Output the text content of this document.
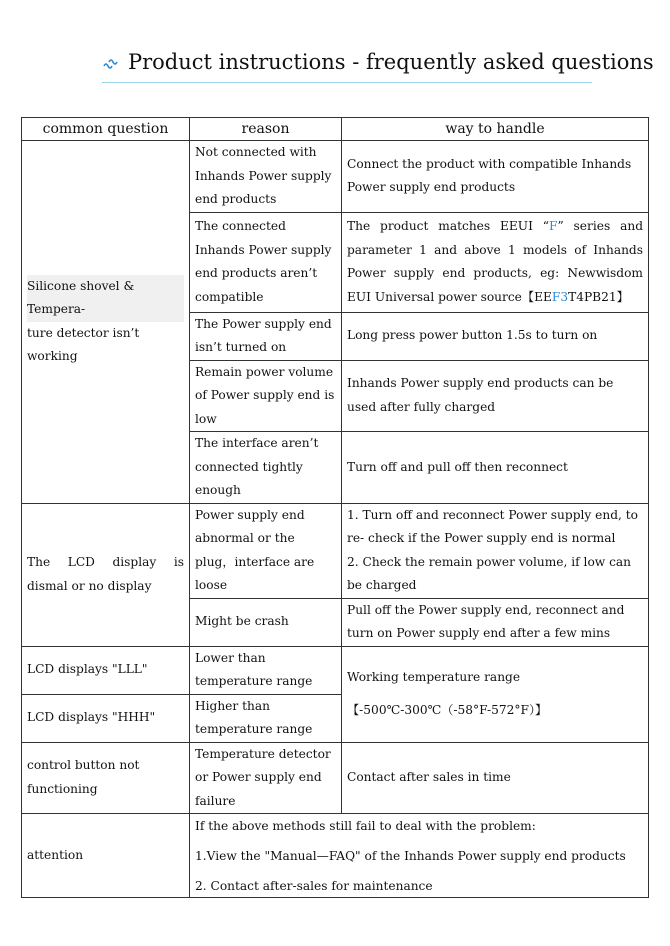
Product instructions - frequently asked questions
common question	reason	way to handle

Silicone shovel & Tempera-
ture detector isn’t working	Not connected with Inhands Power supply end products	Connect the product with compatible Inhands Power supply end products
	The connected Inhands Power supply end products aren’t compatible	The product matches EEUI “F” series and parameter 1 and above 1 models of Inhands Power supply end products, eg: Newwisdom EUI Universal power source【EEF3T4PB21】
	The Power supply end isn’t turned on	Long press power button 1.5s to turn on
	Remain power volume of Power supply end is low	Inhands Power supply end products can be used after fully charged
	The interface aren’t connected tightly enough	Turn off and pull off then reconnect
The LCD display is dismal or no display	Power supply end abnormal or the plug，interface are loose	1. Turn off and reconnect Power supply end, to re- check if the Power supply end is normal
2. Check the remain power volume, if low can be charged

	Might be crash	Pull off the Power supply end, reconnect and turn on Power supply end after a few mins
LCD displays "LLL"	Lower than temperature range	Working temperature range
【-500℃-300℃（-58°F-572°F）】

LCD displays "HHH"	Higher than temperature range	
control button not functioning	Temperature detector or Power supply end failure	Contact after sales in time
attention	If the above methods still fail to deal with the problem:
1.View the "Manual—FAQ" of the Inhands Power supply end products
2. Contact after-sales for maintenance	
